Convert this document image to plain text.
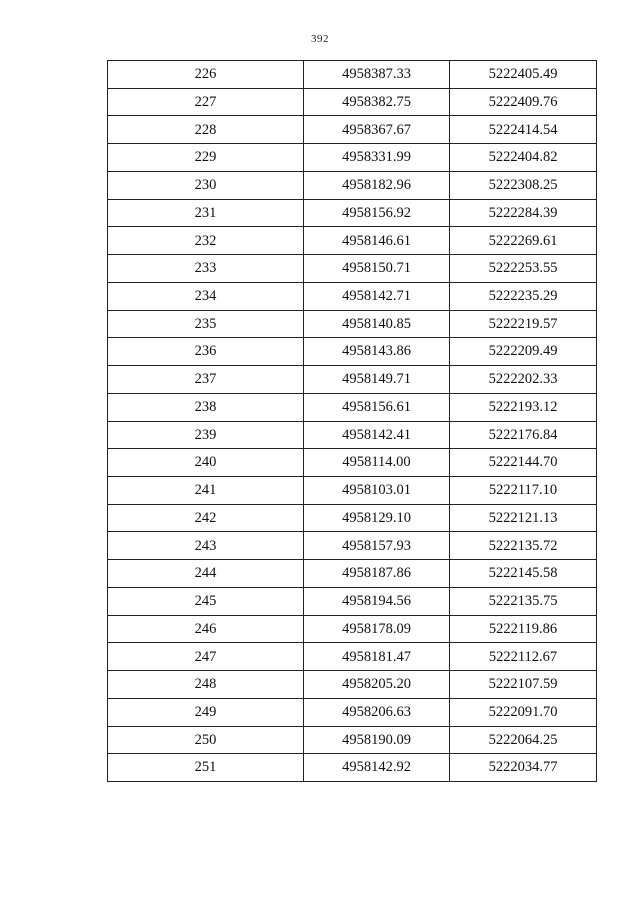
392
226	4958387.33	5222405.49
227	4958382.75	5222409.76
228	4958367.67	5222414.54
229	4958331.99	5222404.82
230	4958182.96	5222308.25
231	4958156.92	5222284.39
232	4958146.61	5222269.61
233	4958150.71	5222253.55
234	4958142.71	5222235.29
235	4958140.85	5222219.57
236	4958143.86	5222209.49
237	4958149.71	5222202.33
238	4958156.61	5222193.12
239	4958142.41	5222176.84
240	4958114.00	5222144.70
241	4958103.01	5222117.10
242	4958129.10	5222121.13
243	4958157.93	5222135.72
244	4958187.86	5222145.58
245	4958194.56	5222135.75
246	4958178.09	5222119.86
247	4958181.47	5222112.67
248	4958205.20	5222107.59
249	4958206.63	5222091.70
250	4958190.09	5222064.25
251	4958142.92	5222034.77
